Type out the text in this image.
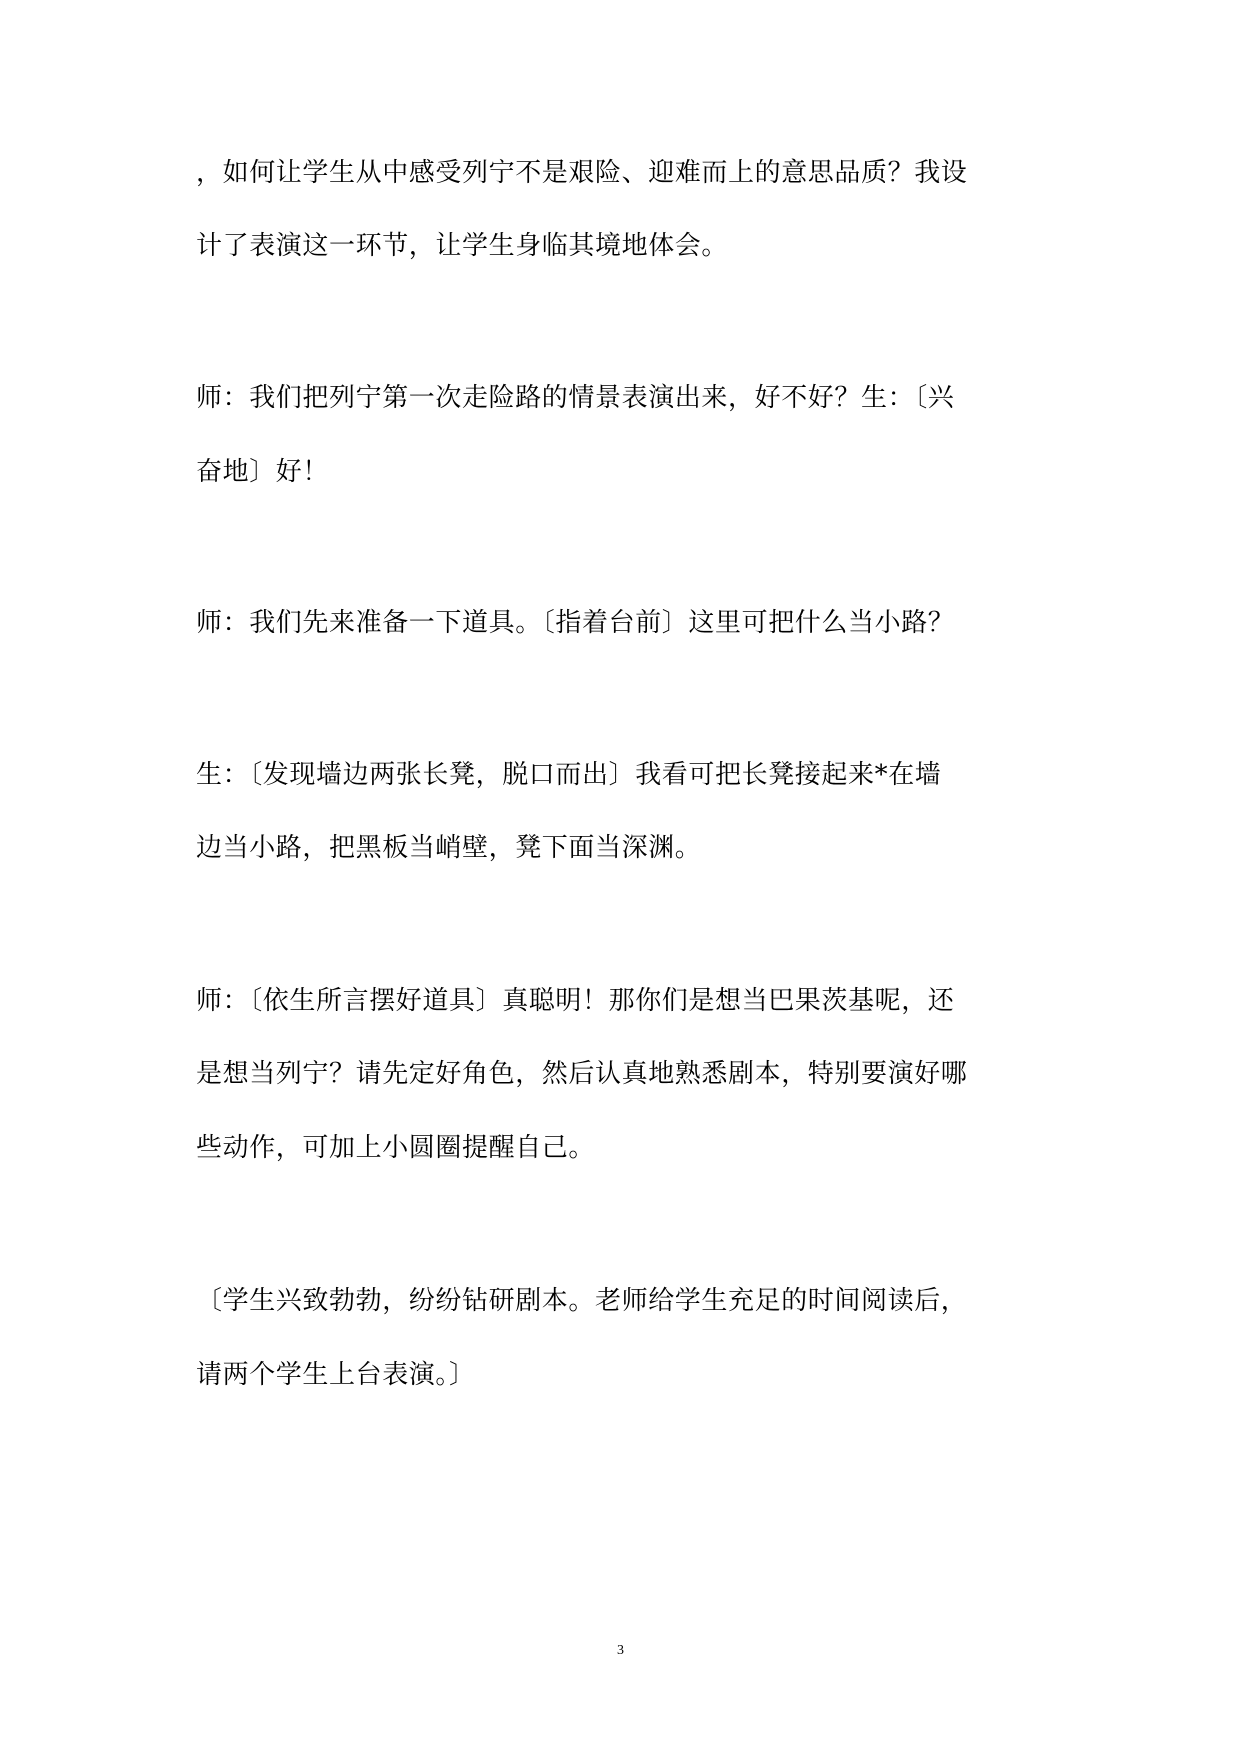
，如何让学生从中感受列宁不是艰险、迎难而上的意思品质？我设
计了表演这一环节，让学生身临其境地体会。
师：我们把列宁第一次走险路的情景表演出来，好不好？生：〔兴
奋地〕好！
师：我们先来准备一下道具。〔指着台前〕这里可把什么当小路？
生：〔发现墙边两张长凳，脱口而出〕我看可把长凳接起来*在墙
边当小路，把黑板当峭壁，凳下面当深渊。
师：〔依生所言摆好道具〕真聪明！那你们是想当巴果茨基呢，还
是想当列宁？请先定好角色，然后认真地熟悉剧本，特别要演好哪
些动作，可加上小圆圈提醒自己。
〔学生兴致勃勃，纷纷钻研剧本。老师给学生充足的时间阅读后，
请两个学生上台表演。〕
3
